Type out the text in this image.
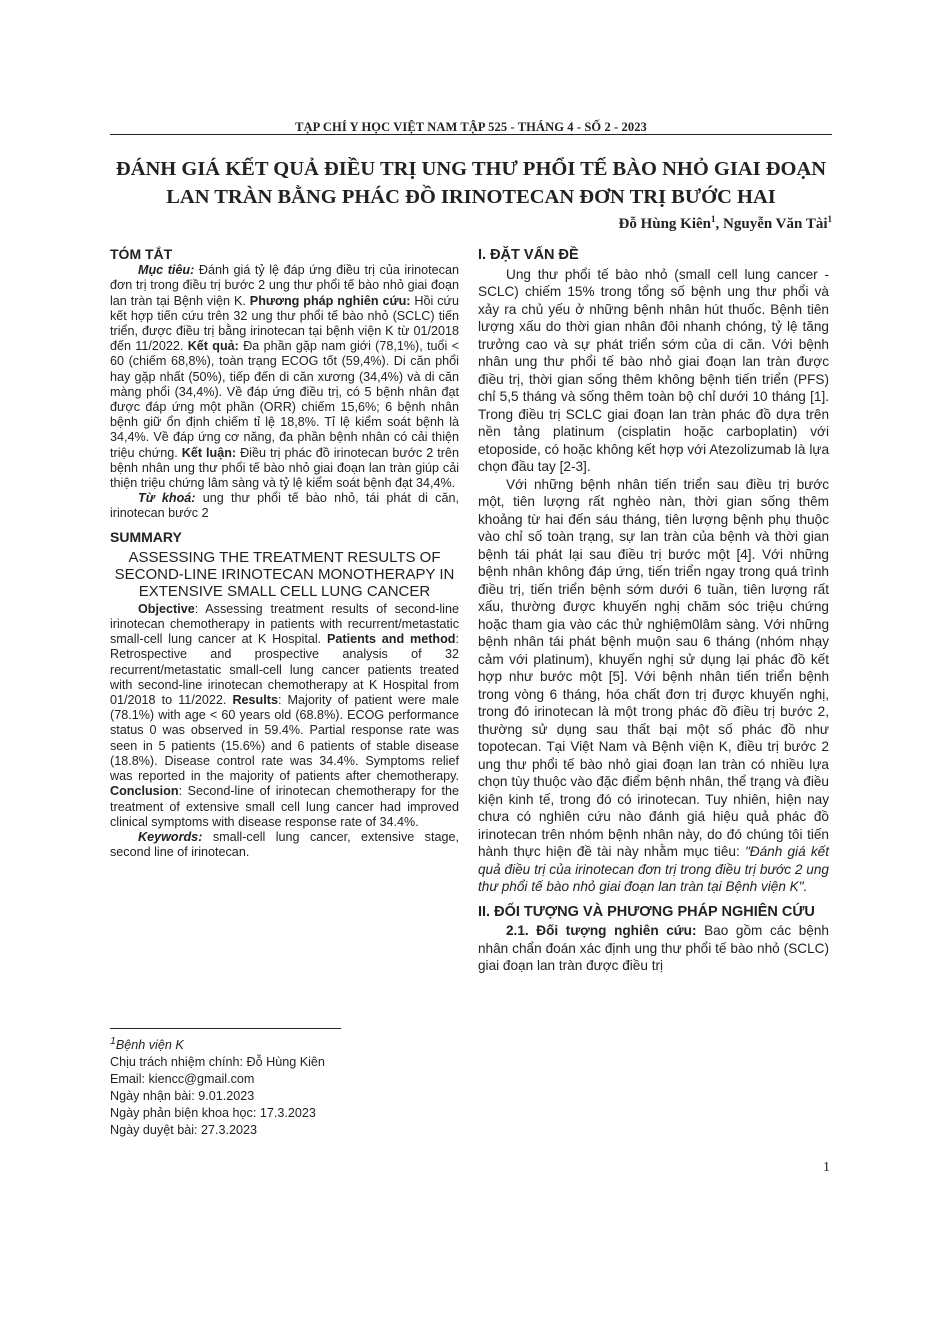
TẠP CHÍ Y HỌC VIỆT NAM TẬP 525 - THÁNG 4 - SỐ 2 - 2023
ĐÁNH GIÁ KẾT QUẢ ĐIỀU TRỊ UNG THƯ PHỔI TẾ BÀO NHỎ GIAI ĐOẠN LAN TRÀN BẰNG PHÁC ĐỒ IRINOTECAN ĐƠN TRỊ BƯỚC HAI
Đỗ Hùng Kiên$^1$, Nguyễn Văn Tài$^1$
TÓM TẮT

Mục tiêu: Đánh giá tỷ lệ đáp ứng điều trị của irinotecan đơn trị trong điều trị bước 2 ung thư phổi tế bào nhỏ giai đoạn lan tràn tại Bệnh viện K. Phương pháp nghiên cứu: Hồi cứu kết hợp tiến cứu trên 32 ung thư phổi tế bào nhỏ (SCLC) tiến triển, được điều trị bằng irinotecan tại bệnh viện K từ 01/2018 đến 11/2022. Kết quả: Đa phần gặp nam giới (78,1%), tuổi < 60 (chiếm 68,8%), toàn trạng ECOG tốt (59,4%). Di căn phổi hay gặp nhất (50%), tiếp đến di căn xương (34,4%) và di căn màng phổi (34,4%). Về đáp ứng điều trị, có 5 bệnh nhân đạt được đáp ứng một phần (ORR) chiếm 15,6%; 6 bệnh nhân bệnh giữ ổn định chiếm tỉ lệ 18,8%. Tỉ lệ kiểm soát bệnh là 34,4%. Về đáp ứng cơ năng, đa phần bệnh nhân có cải thiện triệu chứng. Kết luận: Điều trị phác đồ irinotecan bước 2 trên bệnh nhân ung thư phổi tế bào nhỏ giai đoạn lan tràn giúp cải thiện triệu chứng lâm sàng và tỷ lệ kiểm soát bệnh đạt 34,4%.

Từ khoá: ung thư phổi tế bào nhỏ, tái phát di căn, irinotecan bước 2

SUMMARY
ASSESSING THE TREATMENT RESULTS OF SECOND-LINE IRINOTECAN MONOTHERAPY IN EXTENSIVE SMALL CELL LUNG CANCER

Objective: Assessing treatment results of second-line irinotecan chemotherapy in patients with recurrent/metastatic small-cell lung cancer at K Hospital. Patients and method: Retrospective and prospective analysis of 32 recurrent/metastatic small-cell lung cancer patients treated with second-line irinotecan chemotherapy at K Hospital from 01/2018 to 11/2022. Results: Majority of patient were male (78.1%) with age < 60 years old (68.8%). ECOG performance status 0 was observed in 59.4%. Partial response rate was seen in 5 patients (15.6%) and 6 patients of stable disease (18.8%). Disease control rate was 34.4%. Symptoms relief was reported in the majority of patients after chemotherapy. Conclusion: Second-line of irinotecan chemotherapy for the treatment of extensive small cell lung cancer had improved clinical symptoms with disease response rate of 34.4%.

Keywords: small-cell lung cancer, extensive stage, second line of irinotecan.

$^1$Bệnh viện K
Chịu trách nhiệm chính: Đỗ Hùng Kiên
Email: kiencc@gmail.com
Ngày nhận bài: 9.01.2023
Ngày phản biện khoa học: 17.3.2023
Ngày duyệt bài: 27.3.2023
I. ĐẶT VẤN ĐỀ

Ung thư phổi tế bào nhỏ (small cell lung cancer - SCLC) chiếm 15% trong tổng số bệnh ung thư phổi và xảy ra chủ yếu ở những bệnh nhân hút thuốc. Bệnh tiên lượng xấu do thời gian nhân đôi nhanh chóng, tỷ lệ tăng trưởng cao và sự phát triển sớm của di căn. Với bệnh nhân ung thư phổi tế bào nhỏ giai đoạn lan tràn được điều trị, thời gian sống thêm không bệnh tiến triển (PFS) chỉ 5,5 tháng và sống thêm toàn bộ chỉ dưới 10 tháng [1]. Trong điều trị SCLC giai đoạn lan tràn phác đồ dựa trên nền tảng platinum (cisplatin hoặc carboplatin) với etoposide, có hoặc không kết hợp với Atezolizumab là lựa chọn đầu tay [2-3].

Với những bệnh nhân tiến triển sau điều trị bước một, tiên lượng rất nghèo nàn, thời gian sống thêm khoảng từ hai đến sáu tháng, tiên lượng bệnh phụ thuộc vào chỉ số toàn trạng, sự lan tràn của bệnh và thời gian bệnh tái phát lại sau điều trị bước một [4]. Với những bệnh nhân không đáp ứng, tiến triển ngay trong quá trình điều trị, tiến triển bệnh sớm dưới 6 tuần, tiên lượng rất xấu, thường được khuyến nghị chăm sóc triệu chứng hoặc tham gia vào các thử nghiệm0lâm sàng. Với những bệnh nhân tái phát bệnh muộn sau 6 tháng (nhóm nhạy cảm với platinum), khuyến nghị sử dụng lại phác đồ kết hợp như bước một [5]. Với bệnh nhân tiến triển bệnh trong vòng 6 tháng, hóa chất đơn trị được khuyến nghị, trong đó irinotecan là một trong phác đồ điều trị bước 2, thường sử dụng sau thất bại một số phác đồ như topotecan. Tại Việt Nam và Bệnh viện K, điều trị bước 2 ung thư phổi tế bào nhỏ giai đoạn lan tràn có nhiều lựa chọn tùy thuộc vào đặc điểm bệnh nhân, thể trạng và điều kiện kinh tế, trong đó có irinotecan. Tuy nhiên, hiện nay chưa có nghiên cứu nào đánh giá hiệu quả phác đồ irinotecan trên nhóm bệnh nhân này, do đó chúng tôi tiến hành thực hiện đề tài này nhằm mục tiêu: "Đánh giá kết quả điều trị của irinotecan đơn trị trong điều trị bước 2 ung thư phổi tế bào nhỏ giai đoạn lan tràn tại Bệnh viện K".

II. ĐỐI TƯỢNG VÀ PHƯƠNG PHÁP NGHIÊN CỨU

2.1. Đối tượng nghiên cứu: Bao gồm các bệnh nhân chẩn đoán xác định ung thư phổi tế bào nhỏ (SCLC) giai đoạn lan tràn được điều trị

1
